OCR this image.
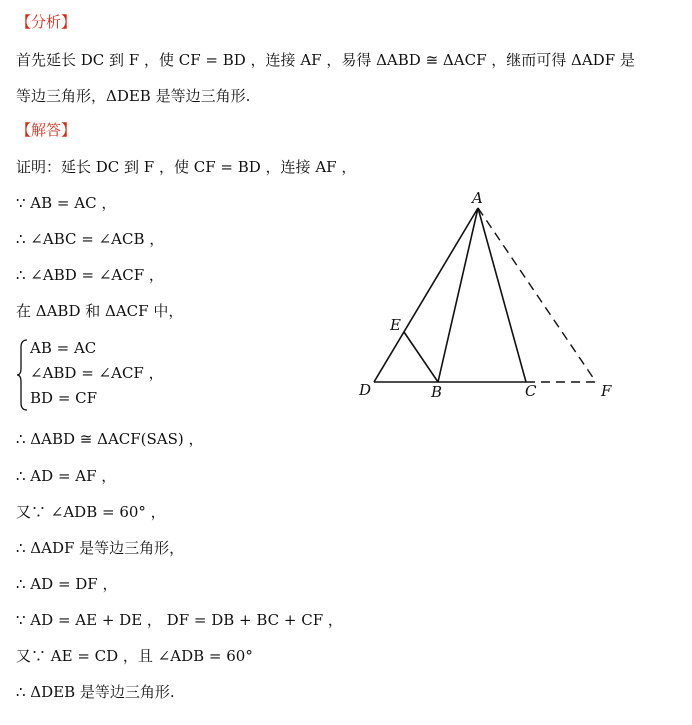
【分析】
首先延长 DC 到 F ，使 CF = BD ，连接 AF ，易得 ΔABD ≅ ΔACF ，继而可得 ΔADF 是
等边三角形，ΔDEB 是等边三角形.
【解答】
证明：延长 DC 到 F ，使 CF = BD ，连接 AF ，
∵ AB = AC ，
∴ ∠ABC = ∠ACB ，
∴ ∠ABD = ∠ACF ，
在 ΔABD 和 ΔACF 中，
AB = AC
∠ABD = ∠ACF ，
BD = CF
∴ ΔABD ≅ ΔACF(SAS) ，
∴ AD = AF ，
又∵ ∠ADB = 60° ，
∴ ΔADF 是等边三角形，
∴ AD = DF ，
∵ AD = AE + DE ， DF = DB + BC + CF ，
又∵ AE = CD ，且 ∠ADB = 60°
∴ ΔDEB 是等边三角形.
A
E
D	B	C	F
